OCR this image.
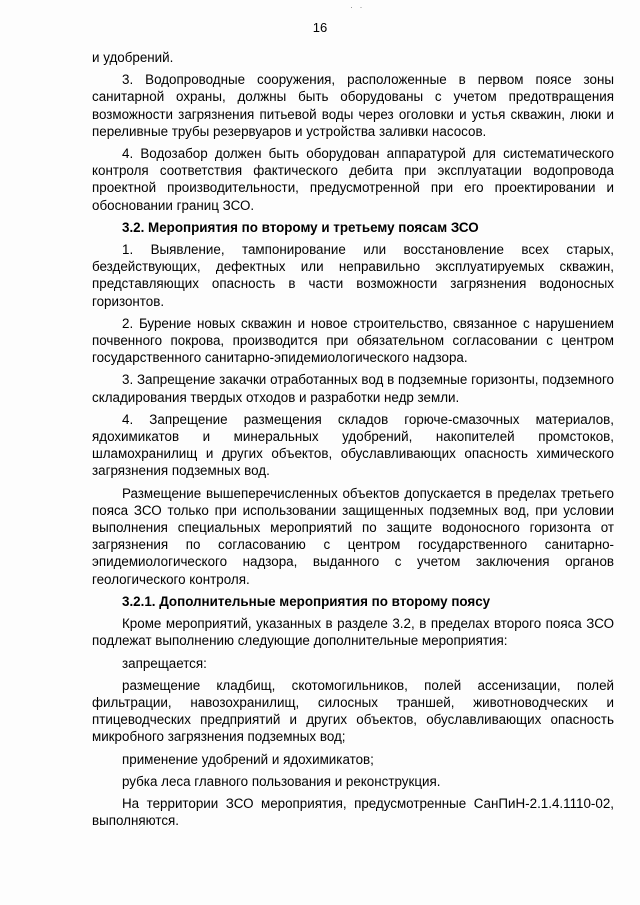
· ·
16

и удобрений.

3. Водопроводные сооружения, расположенные в первом поясе зоны санитарной охраны, должны быть оборудованы с учетом предотвращения возможности загрязнения питьевой воды через оголовки и устья скважин, люки и переливные трубы резервуаров и устройства заливки насосов.

4. Водозабор должен быть оборудован аппаратурой для систематического контроля соответствия фактического дебита при эксплуатации водопровода проектной производительности, предусмотренной при его проектировании и обосновании границ ЗСО.

3.2. Мероприятия по второму и третьему поясам ЗСО

1. Выявление, тампонирование или восстановление всех старых, бездействующих, дефектных или неправильно эксплуатируемых скважин, представляющих опасность в части возможности загрязнения водоносных горизонтов.

2. Бурение новых скважин и новое строительство, связанное с нарушением почвенного покрова, производится при обязательном согласовании с центром государственного санитарно-эпидемиологического надзора.

3. Запрещение закачки отработанных вод в подземные горизонты, подземного складирования твердых отходов и разработки недр земли.

4. Запрещение размещения складов горюче-смазочных материалов, ядохимикатов и минеральных удобрений, накопителей промстоков, шламохранилищ и других объектов, обуславливающих опасность химического загрязнения подземных вод.

Размещение вышеперечисленных объектов допускается в пределах третьего пояса ЗСО только при использовании защищенных подземных вод, при условии выполнения специальных мероприятий по защите водоносного горизонта от загрязнения по согласованию с центром государственного санитарно-эпидемиологического надзора, выданного с учетом заключения органов геологического контроля.

3.2.1. Дополнительные мероприятия по второму поясу

Кроме мероприятий, указанных в разделе 3.2, в пределах второго пояса ЗСО подлежат выполнению следующие дополнительные мероприятия:

запрещается:

размещение кладбищ, скотомогильников, полей ассенизации, полей фильтрации, навозохранилищ, силосных траншей, животноводческих и птицеводческих предприятий и других объектов, обуславливающих опасность микробного загрязнения подземных вод;

применение удобрений и ядохимикатов;

рубка леса главного пользования и реконструкция.

На территории ЗСО мероприятия, предусмотренные СанПиН-2.1.4.1110-02, выполняются.
